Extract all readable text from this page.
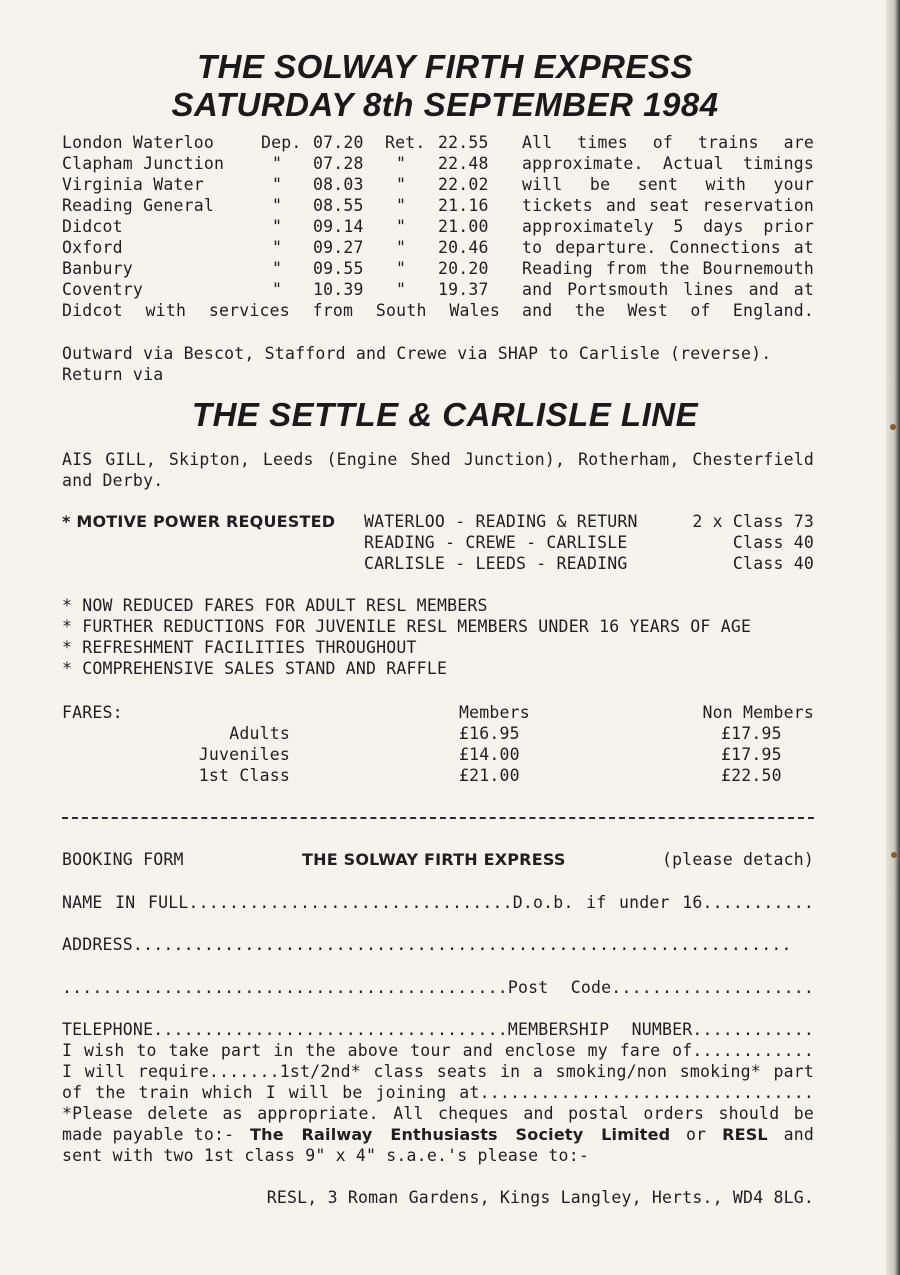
THE SOLWAY FIRTH EXPRESS
SATURDAY 8th SEPTEMBER 1984
London Waterloo	Dep. 07.20 Ret. 22.55
Clapham Junction	" 07.28 " 22.48
Virginia Water	" 08.03 " 22.02
Reading General	" 08.55 " 21.16
Didcot	" 09.14 " 21.00
Oxford	" 09.27 " 20.46
Banbury	" 09.55 " 20.20
Coventry	" 10.39 " 19.37
Didcot with services from South Wales
All times of trains are
approximate. Actual timings
will be sent with your
tickets and seat reservation
approximately 5 days prior
to departure. Connections at
Reading from the Bournemouth
and Portsmouth lines and at
and the West of England.
Outward via Bescot, Stafford and Crewe via SHAP to Carlisle (reverse).
Return via
THE SETTLE & CARLISLE LINE
AIS GILL, Skipton, Leeds (Engine Shed Junction), Rotherham, Chesterfield
and Derby.
* MOTIVE POWER REQUESTED WATERLOO - READING & RETURN	2 x Class 73
READING - CREWE - CARLISLE	Class 40
CARLISLE - LEEDS - READING	Class 40
* NOW REDUCED FARES FOR ADULT RESL MEMBERS
* FURTHER REDUCTIONS FOR JUVENILE RESL MEMBERS UNDER 16 YEARS OF AGE
* REFRESHMENT FACILITIES THROUGHOUT
* COMPREHENSIVE SALES STAND AND RAFFLE
FARES:	Members	Non Members
Adults	£16.95	£17.95
Juveniles	£14.00	£17.95
1st Class	£21.00	£22.50
BOOKING FORM	THE SOLWAY FIRTH EXPRESS	(please detach)
NAME IN FULL................................D.o.b. if under 16...........
ADDRESS.................................................................
............................................Post Code....................
TELEPHONE...................................MEMBERSHIP NUMBER............
I wish to take part in the above tour and enclose my fare of............
I will require.......1st/2nd* class seats in a smoking/non smoking* part
of the train which I will be joining at.................................
*Please delete as appropriate. All cheques and postal orders should be
made payable to:- The Railway Enthusiasts Society Limited or RESL and
sent with two 1st class 9" x 4" s.a.e.'s please to:-
RESL, 3 Roman Gardens, Kings Langley, Herts., WD4 8LG.
